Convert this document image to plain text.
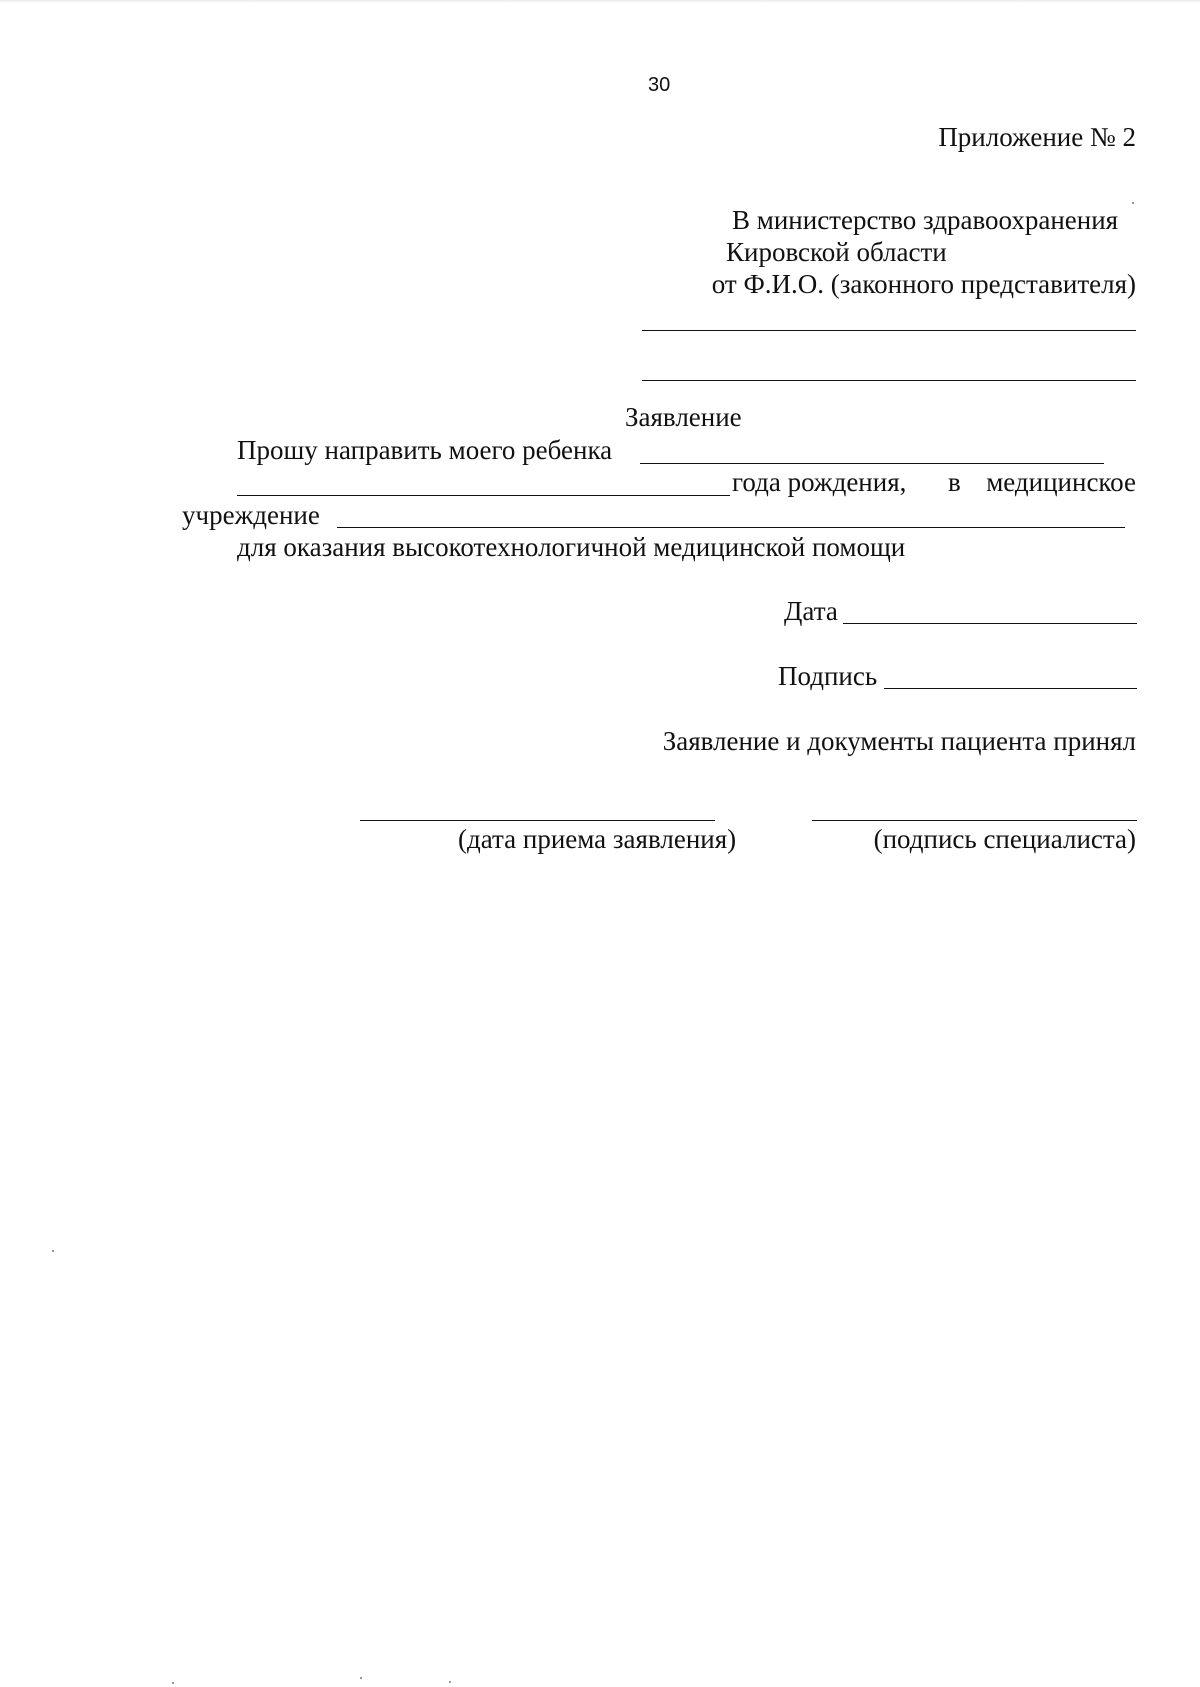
30
Приложение № 2
В министерство здравоохранения
Кировской области
от Ф.И.О. (законного представителя)
Заявление
Прошу направить моего ребенка
года рождения, в медицинское
учреждение
для оказания высокотехнологичной медицинской помощи
Дата
Подпись
Заявление и документы пациента принял
(дата приема заявления)	(подпись специалиста)
